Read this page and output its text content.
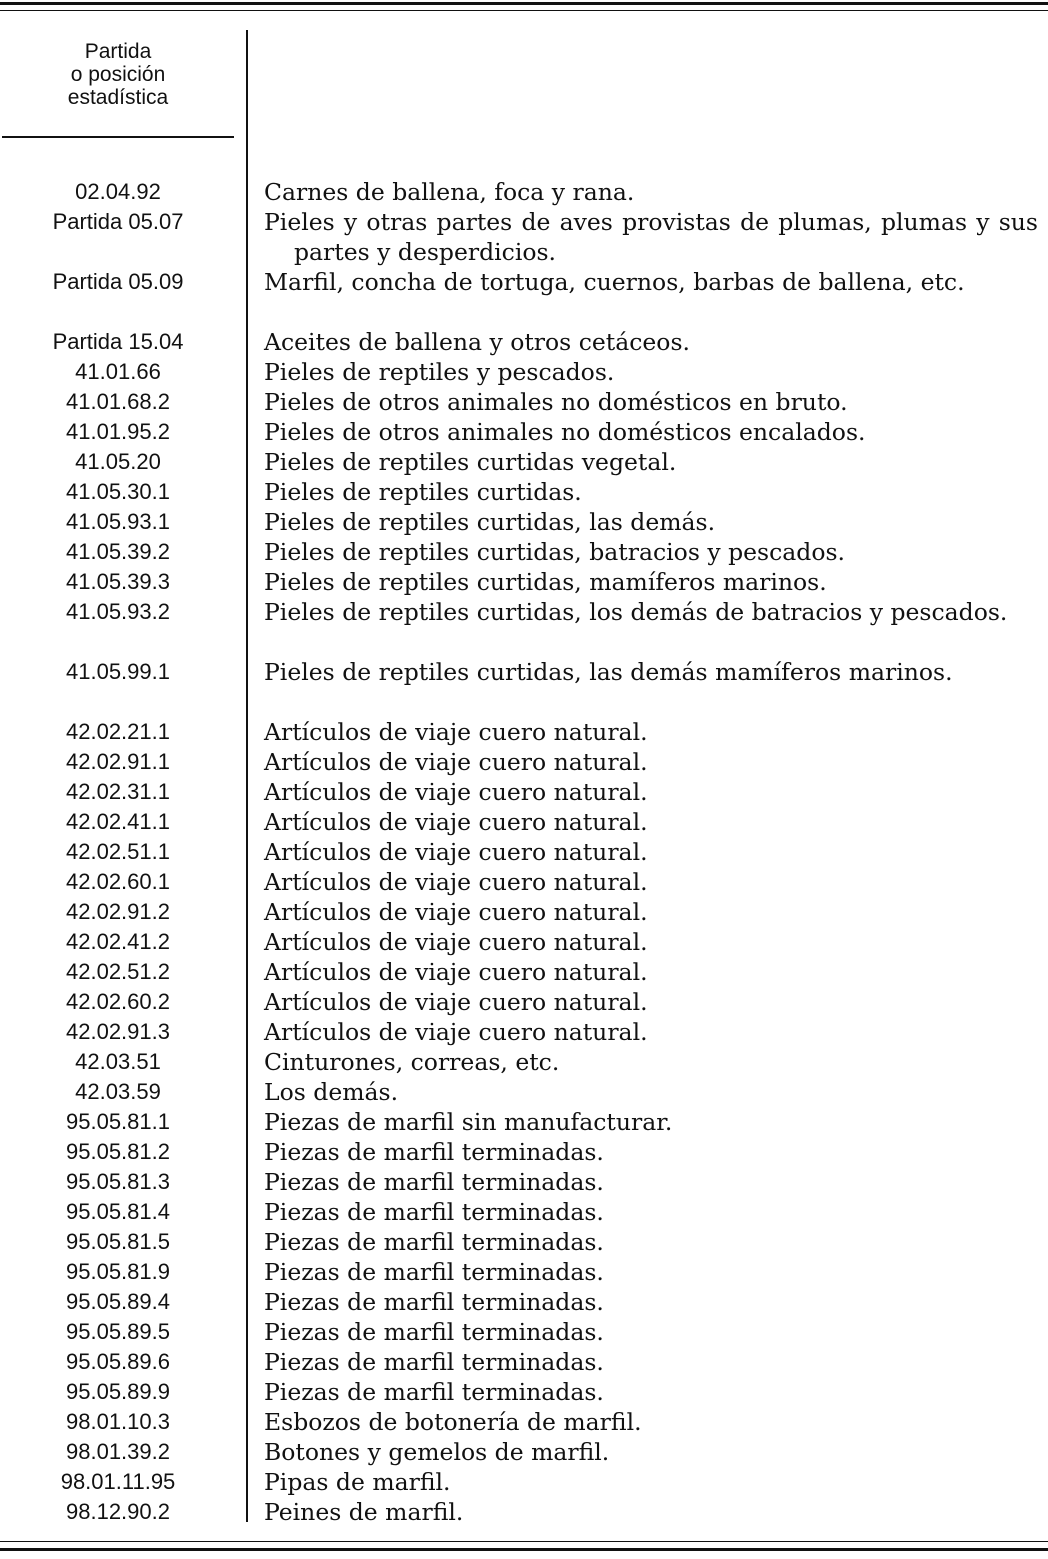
Partida
o posición
estadística
02.04.92	Carnes de ballena, foca y rana.
Partida 05.07	Pieles y otras partes de aves provistas de plumas, plumas y sus partes y desperdicios.
Partida 05.09	Marfil, concha de tortuga, cuernos, barbas de ballena, etc.
Partida 15.04	Aceites de ballena y otros cetáceos.
41.01.66	Pieles de reptiles y pescados.
41.01.68.2	Pieles de otros animales no domésticos en bruto.
41.01.95.2	Pieles de otros animales no domésticos encalados.
41.05.20	Pieles de reptiles curtidas vegetal.
41.05.30.1	Pieles de reptiles curtidas.
41.05.93.1	Pieles de reptiles curtidas, las demás.
41.05.39.2	Pieles de reptiles curtidas, batracios y pescados.
41.05.39.3	Pieles de reptiles curtidas, mamíferos marinos.
41.05.93.2	Pieles de reptiles curtidas, los demás de batracios y pescados.
41.05.99.1	Pieles de reptiles curtidas, las demás mamíferos marinos.
42.02.21.1	Artículos de viaje cuero natural.
42.02.91.1	Artículos de viaje cuero natural.
42.02.31.1	Artículos de viaje cuero natural.
42.02.41.1	Artículos de viaje cuero natural.
42.02.51.1	Artículos de viaje cuero natural.
42.02.60.1	Artículos de viaje cuero natural.
42.02.91.2	Artículos de viaje cuero natural.
42.02.41.2	Artículos de viaje cuero natural.
42.02.51.2	Artículos de viaje cuero natural.
42.02.60.2	Artículos de viaje cuero natural.
42.02.91.3	Artículos de viaje cuero natural.
42.03.51	Cinturones, correas, etc.
42.03.59	Los demás.
95.05.81.1	Piezas de marfil sin manufacturar.
95.05.81.2	Piezas de marfil terminadas.
95.05.81.3	Piezas de marfil terminadas.
95.05.81.4	Piezas de marfil terminadas.
95.05.81.5	Piezas de marfil terminadas.
95.05.81.9	Piezas de marfil terminadas.
95.05.89.4	Piezas de marfil terminadas.
95.05.89.5	Piezas de marfil terminadas.
95.05.89.6	Piezas de marfil terminadas.
95.05.89.9	Piezas de marfil terminadas.
98.01.10.3	Esbozos de botonería de marfil.
98.01.39.2	Botones y gemelos de marfil.
98.01.11.95	Pipas de marfil.
98.12.90.2	Peines de marfil.
